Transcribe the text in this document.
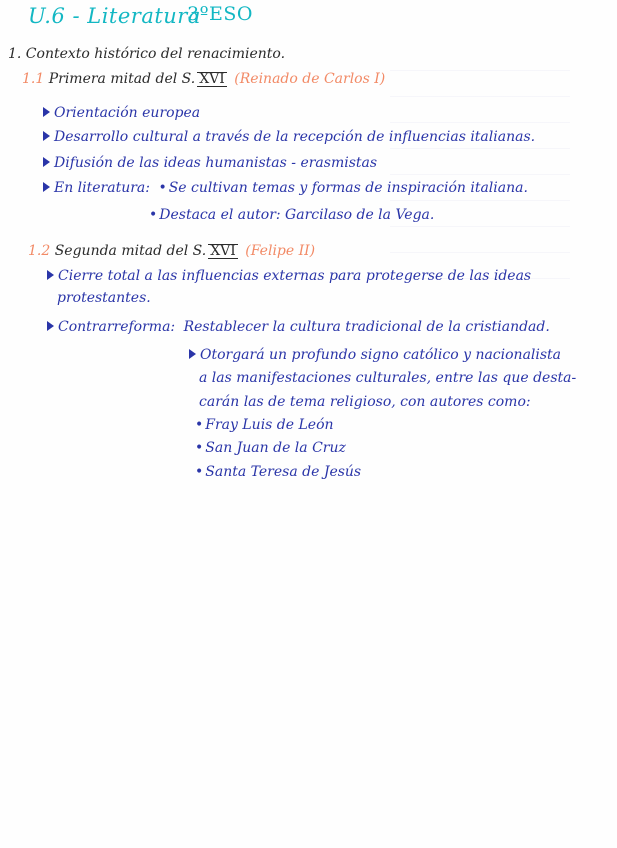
U.6 - Literatura
3ºESO
1. Contexto histórico del renacimiento.
1.1 Primera mitad del S. XVI (Reinado de Carlos I)
Orientación europea
Desarrollo cultural a través de la recepción de influencias italianas.
Difusión de las ideas humanistas - erasmistas
En literatura: • Se cultivan temas y formas de inspiración italiana.
• Destaca el autor: Garcilaso de la Vega.
1.2 Segunda mitad del S. XVI (Felipe II)
Cierre total a las influencias externas para protegerse de las ideas
protestantes.
Contrarreforma: Restablecer la cultura tradicional de la cristiandad.
Otorgará un profundo signo católico y nacionalista
a las manifestaciones culturales, entre las que desta-
carán las de tema religioso, con autores como:
• Fray Luis de León
• San Juan de la Cruz
• Santa Teresa de Jesús
